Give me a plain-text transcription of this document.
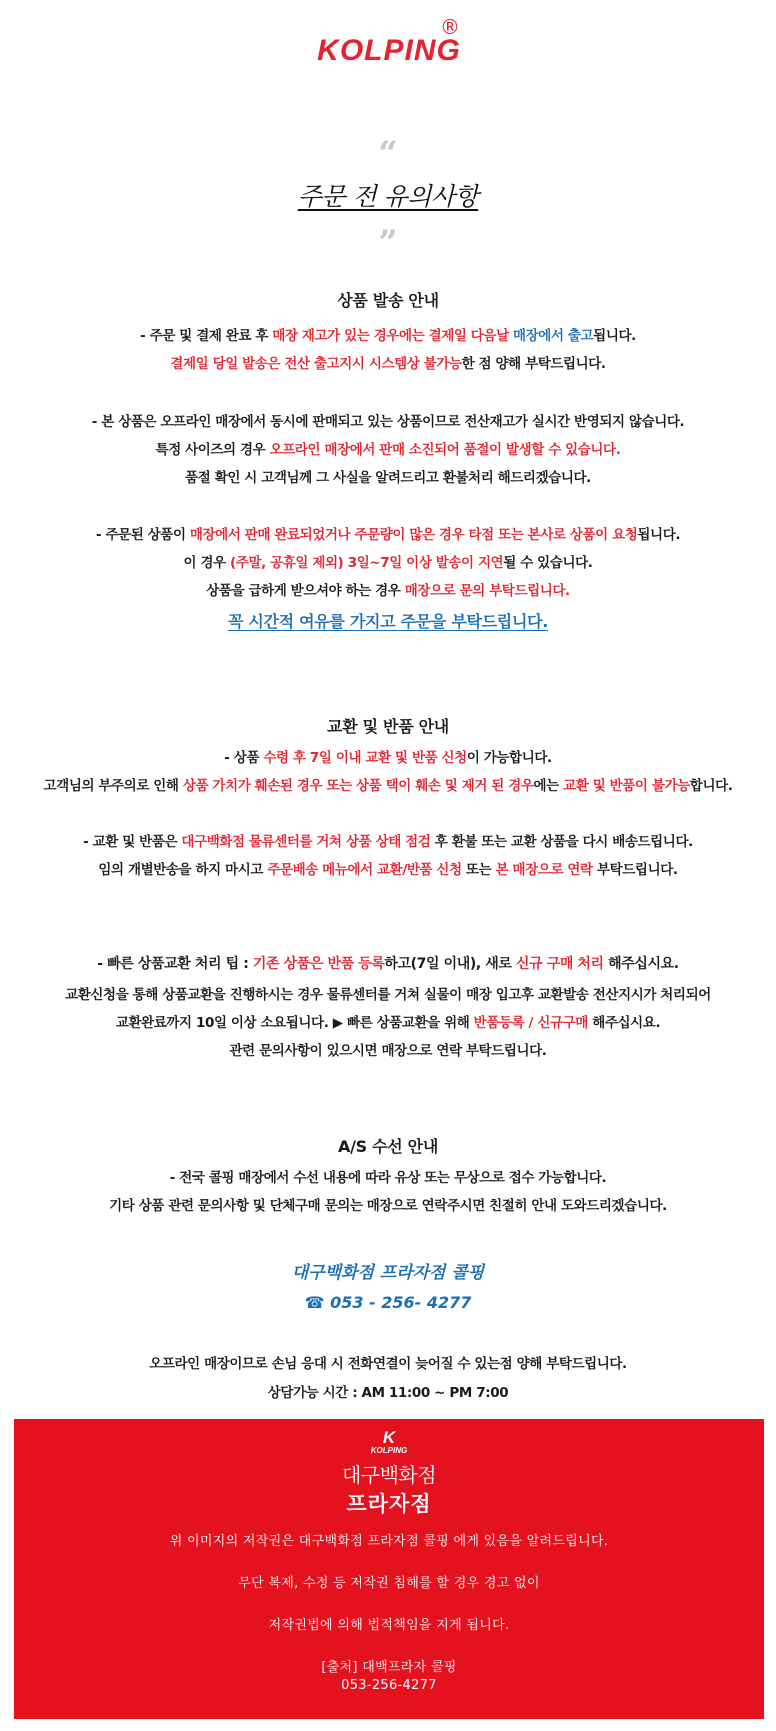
KOLPING
®
“
주문 전 유의사항
”
상품 발송 안내
- 주문 및 결제 완료 후 매장 재고가 있는 경우에는 결제일 다음날 매장에서 출고됩니다.
결제일 당일 발송은 전산 출고지시 시스템상 불가능한 점 양해 부탁드립니다.
- 본 상품은 오프라인 매장에서 동시에 판매되고 있는 상품이므로 전산재고가 실시간 반영되지 않습니다.
특정 사이즈의 경우 오프라인 매장에서 판매 소진되어 품절이 발생할 수 있습니다.
품절 확인 시 고객님께 그 사실을 알려드리고 환불처리 해드리겠습니다.
- 주문된 상품이 매장에서 판매 완료되었거나 주문량이 많은 경우 타점 또는 본사로 상품이 요청됩니다.
이 경우 (주말, 공휴일 제외) 3일~7일 이상 발송이 지연될 수 있습니다.
상품을 급하게 받으셔야 하는 경우 매장으로 문의 부탁드립니다.
꼭 시간적 여유를 가지고 주문을 부탁드립니다.
교환 및 반품 안내
- 상품 수령 후 7일 이내 교환 및 반품 신청이 가능합니다.
고객님의 부주의로 인해 상품 가치가 훼손된 경우 또는 상품 택이 훼손 및 제거 된 경우에는 교환 및 반품이 불가능합니다.
- 교환 및 반품은 대구백화점 물류센터를 거쳐 상품 상태 점검 후 환불 또는 교환 상품을 다시 배송드립니다.
임의 개별반송을 하지 마시고 주문배송 메뉴에서 교환/반품 신청 또는 본 매장으로 연락 부탁드립니다.
- 빠른 상품교환 처리 팁 : 기존 상품은 반품 등록하고(7일 이내), 새로 신규 구매 처리 해주십시요.
교환신청을 통해 상품교환을 진행하시는 경우 물류센터를 거쳐 실물이 매장 입고후 교환발송 전산지시가 처리되어
교환완료까지 10일 이상 소요됩니다. ▶ 빠른 상품교환을 위해 반품등록 / 신규구매 해주십시요.
관련 문의사항이 있으시면 매장으로 연락 부탁드립니다.
A/S 수선 안내
- 전국 콜핑 매장에서 수선 내용에 따라 유상 또는 무상으로 접수 가능합니다.
기타 상품 관련 문의사항 및 단체구매 문의는 매장으로 연락주시면 친절히 안내 도와드리겠습니다.
대구백화점 프라자점 콜핑
☎ 053 - 256- 4277
오프라인 매장이므로 손님 응대 시 전화연결이 늦어질 수 있는점 양해 부탁드립니다.
상담가능 시간 : AM 11:00 ~ PM 7:00
K
KOLPING
대구백화점
프라자점
위 이미지의 저작권은 대구백화점 프라자점 콜핑 에게 있음을 알려드립니다.
무단 복제, 수정 등 저작권 침해를 할 경우 경고 없이
저작권법에 의해 법적책임을 지게 됩니다.
[출처] 대백프라자 콜핑
053-256-4277
